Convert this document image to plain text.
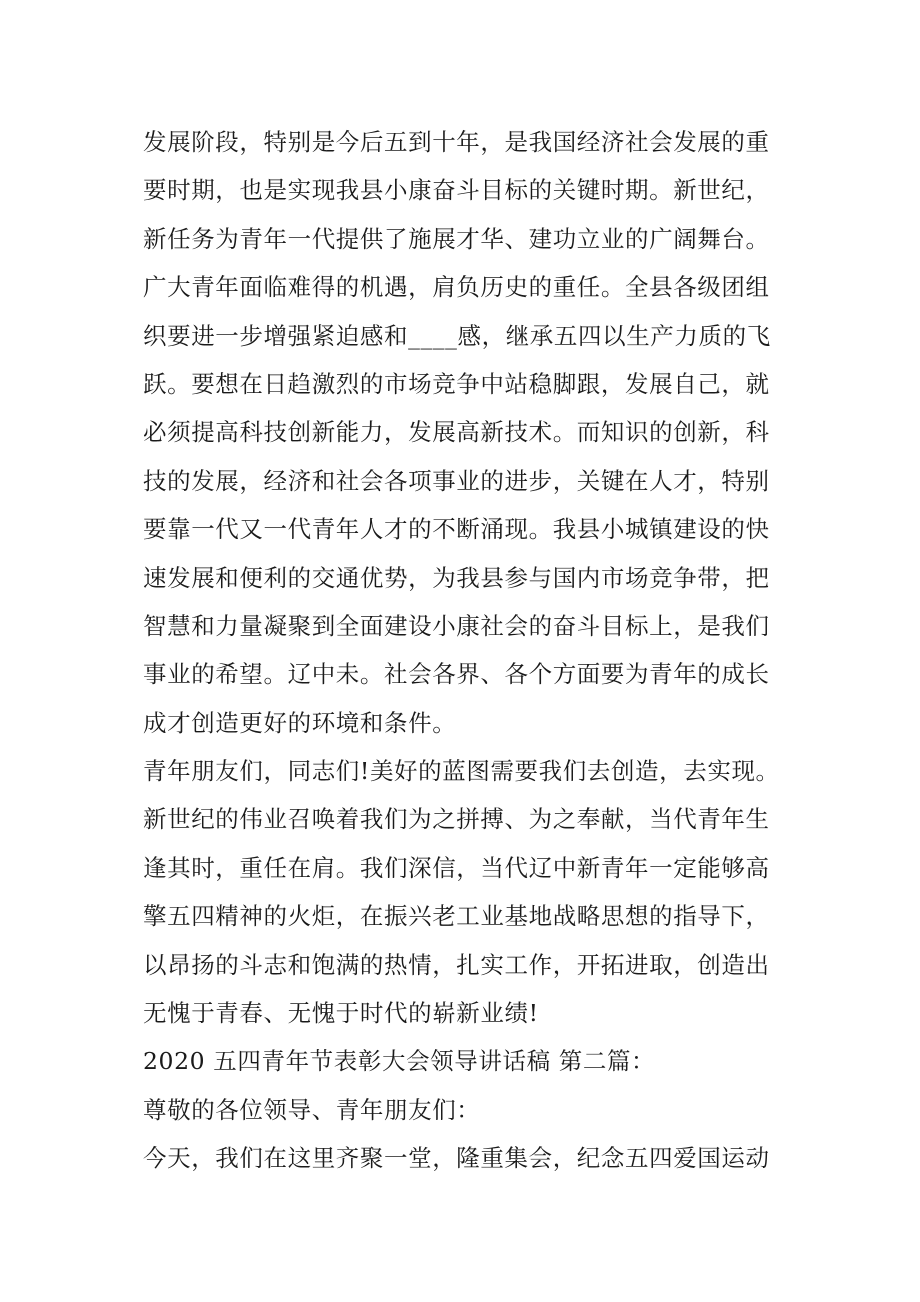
发展阶段，特别是今后五到十年，是我国经济社会发展的重
要时期，也是实现我县小康奋斗目标的关键时期。新世纪，
新任务为青年一代提供了施展才华、建功立业的广阔舞台。
广大青年面临难得的机遇，肩负历史的重任。全县各级团组
织要进一步增强紧迫感和____感，继承五四以生产力质的飞
跃。要想在日趋激烈的市场竞争中站稳脚跟，发展自己，就
必须提高科技创新能力，发展高新技术。而知识的创新，科
技的发展，经济和社会各项事业的进步，关键在人才，特别
要靠一代又一代青年人才的不断涌现。我县小城镇建设的快
速发展和便利的交通优势，为我县参与国内市场竞争带，把
智慧和力量凝聚到全面建设小康社会的奋斗目标上，是我们
事业的希望。辽中未。社会各界、各个方面要为青年的成长
成才创造更好的环境和条件。
青年朋友们，同志们!美好的蓝图需要我们去创造，去实现。
新世纪的伟业召唤着我们为之拼搏、为之奉献，当代青年生
逢其时，重任在肩。我们深信，当代辽中新青年一定能够高
擎五四精神的火炬，在振兴老工业基地战略思想的指导下，
以昂扬的斗志和饱满的热情，扎实工作，开拓进取，创造出
无愧于青春、无愧于时代的崭新业绩!
2020 五四青年节表彰大会领导讲话稿 第二篇：
尊敬的各位领导、青年朋友们：
今天，我们在这里齐聚一堂，隆重集会，纪念五四爱国运动
